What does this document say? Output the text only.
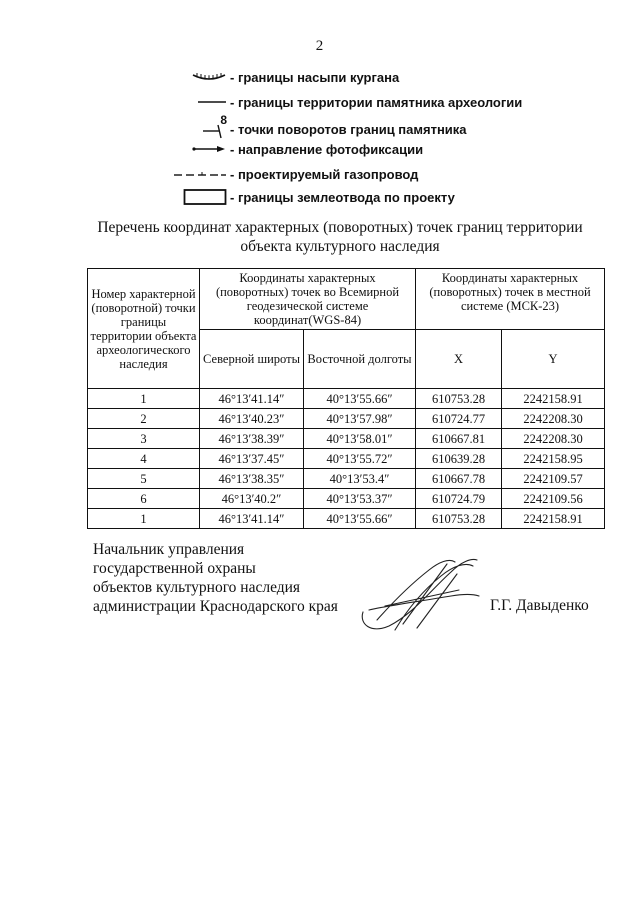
2
- границы насыпи кургана
- границы территории памятника археологии
8
- точки поворотов границ памятника
- направление фотофиксации
- проектируемый газопровод
- границы землеотвода по проекту
Перечень координат характерных (поворотных) точек границ территории
объекта культурного наследия
Номер характерной (поворотной) точки границы территории объекта археологического наследия	Координаты характерных (поворотных) точек во Всемирной геодезической системе координат(WGS-84)		Координаты характерных (поворотных) точек в местной системе (МСК-23)	
	Северной широты	Восточной долготы	X	Y
1	46°13′41.14″	40°13′55.66″	610753.28	2242158.91
2	46°13′40.23″	40°13′57.98″	610724.77	2242208.30
3	46°13′38.39″	40°13′58.01″	610667.81	2242208.30
4	46°13′37.45″	40°13′55.72″	610639.28	2242158.95
5	46°13′38.35″	40°13′53.4″	610667.78	2242109.57
6	46°13′40.2″	40°13′53.37″	610724.79	2242109.56
1	46°13′41.14″	40°13′55.66″	610753.28	2242158.91
Начальник управления
государственной охраны
объектов культурного наследия
администрации Краснодарского края	Г.Г. Давыденко
